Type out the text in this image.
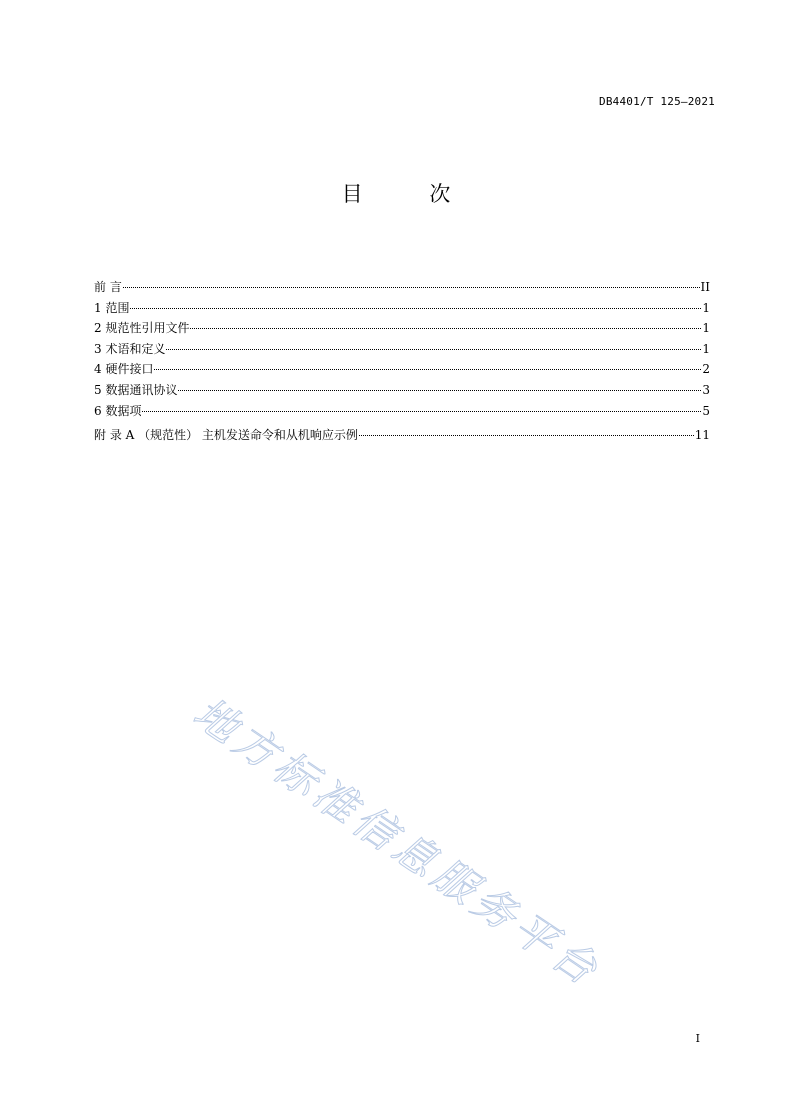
DB4401/T 125—2021
目 次
前 言	II
1 范围	1
2 规范性引用文件	1
3 术语和定义	1
4 硬件接口	2
5 数据通讯协议	3
6 数据项	5
附 录 A （规范性） 主机发送命令和从机响应示例	11
地方标准信息服务平台
I
